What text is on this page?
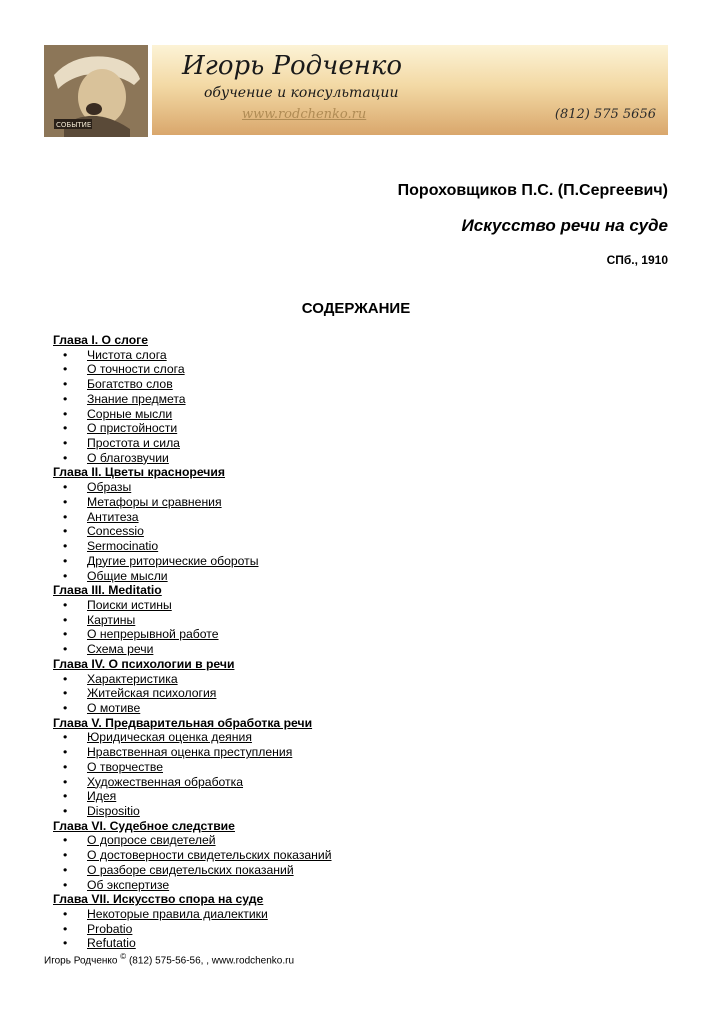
СОБЫТИЕ
Игорь Родченко
обучение и консультации
www.rodchenko.ru	(812) 575 5656
Пороховщиков П.С. (П.Сергеевич)
Искусство речи на суде
СПб., 1910
СОДЕРЖАНИЕ
Глава I. О слоге
• Чистота слога
• О точности слога
• Богатство слов
• Знание предмета
• Сорные мысли
• О пристойности
• Простота и сила
• О благозвучии
Глава II. Цветы красноречия
• Образы
• Метафоры и сравнения
• Антитеза
• Concessio
• Sermocinatio
• Другие риторические обороты
• Общие мысли
Глава III. Meditatio
• Поиски истины
• Картины
• О непрерывной работе
• Схема речи
Глава IV. О психологии в речи
• Характеристика
• Житейская психология
• О мотиве
Глава V. Предварительная обработка речи
• Юридическая оценка деяния
• Нравственная оценка преступления
• О творчестве
• Художественная обработка
• Идея
• Dispositio
Глава VI. Судебное следствие
• О допросе свидетелей
• О достоверности свидетельских показаний
• О разборе свидетельских показаний
• Об экспертизе
Глава VII. Искусство спора на суде
• Некоторые правила диалектики
• Probatio
• Refutatio
Игорь Родченко © (812) 575-56-56, , www.rodchenko.ru
